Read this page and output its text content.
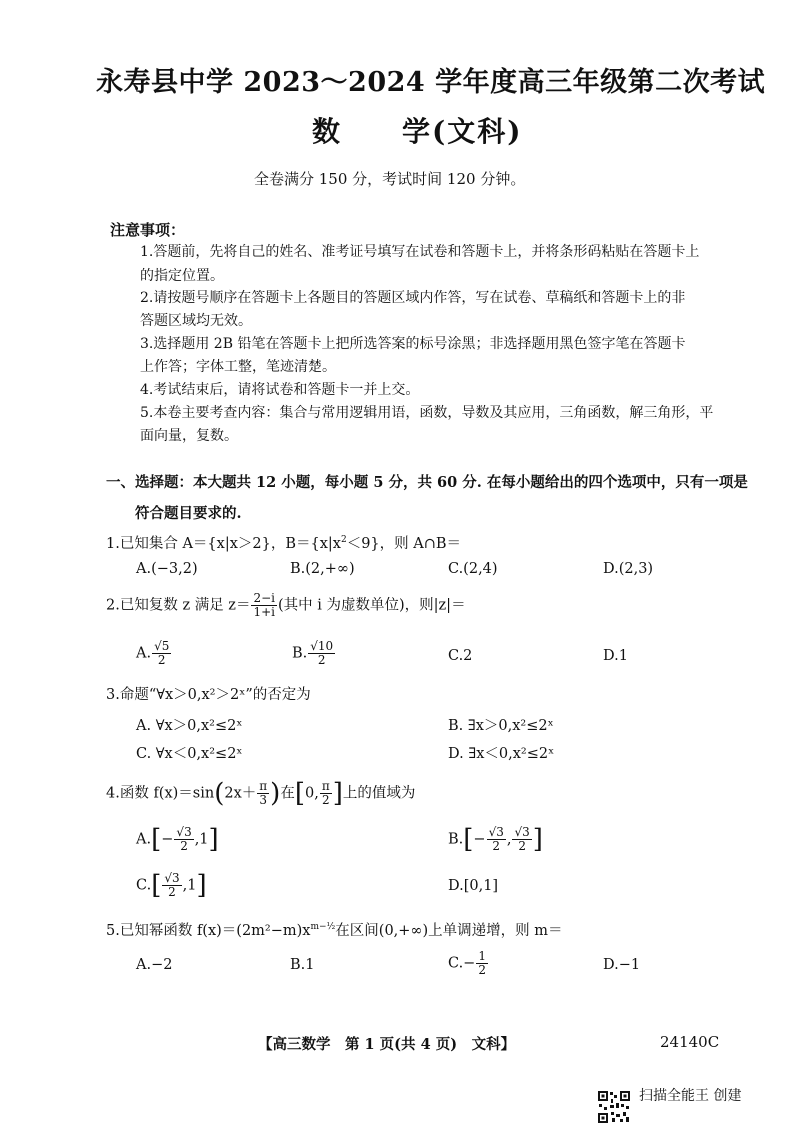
永寿县中学 2023～2024 学年度高三年级第二次考试
数　　学(文科)
全卷满分 150 分，考试时间 120 分钟。
注意事项：
1.答题前，先将自己的姓名、准考证号填写在试卷和答题卡上，并将条形码粘贴在答题卡上
的指定位置。
2.请按题号顺序在答题卡上各题目的答题区域内作答，写在试卷、草稿纸和答题卡上的非
答题区域均无效。
3.选择题用 2B 铅笔在答题卡上把所选答案的标号涂黑；非选择题用黑色签字笔在答题卡
上作答；字体工整，笔迹清楚。
4.考试结束后，请将试卷和答题卡一并上交。
5.本卷主要考查内容：集合与常用逻辑用语，函数，导数及其应用，三角函数，解三角形，平
面向量，复数。
一、选择题：本大题共 12 小题，每小题 5 分，共 60 分. 在每小题给出的四个选项中，只有一项是
符合题目要求的.
1.已知集合 A＝{x|x＞2}，$B=\{x|x^2<9\}$，则 A∩B＝
A.(−3,2)	B.(2,+∞)	C.(2,4)	D.(2,3)
2.已知复数 z 满足 $z= \frac{2-i}{1+i}$ (其中 i 为虚数单位)，则|z|＝
A. $\frac{√5}{2}$	B. $\frac{√10}{2}$	C.2	D.1
3.命题“∀x＞0,x²＞2ˣ”的否定为
A. ∀x＞0,x²≤2ˣ	B. ∃x＞0,x²≤2ˣ
C. ∀x＜0,x²≤2ˣ	D. ∃x＜0,x²≤2ˣ
4.函数 $f(x)=\sin(2x+ \frac{\pi}{3}$ )在[0, $\frac{\pi}{2}$ ]上的值域为
$A.[- \frac{√3}{2} ,1]$	$B.[- \frac{√3}{2}$ , $\frac{√3}{2}$ ]
$C.[ \frac{√3}{2} ,1]$	D.[0,1]
5.已知幂函数 $f(x)=(2m^2-m)x^{m-\frac{1}{2}}$在区间(0,+∞)上单调递增，则 m＝
A.−2	B.1	$C.- \frac{1}{2}$	D.−1
【高三数学　第 1 页(共 4 页)　文科】	24140C
扫描全能王 创建
